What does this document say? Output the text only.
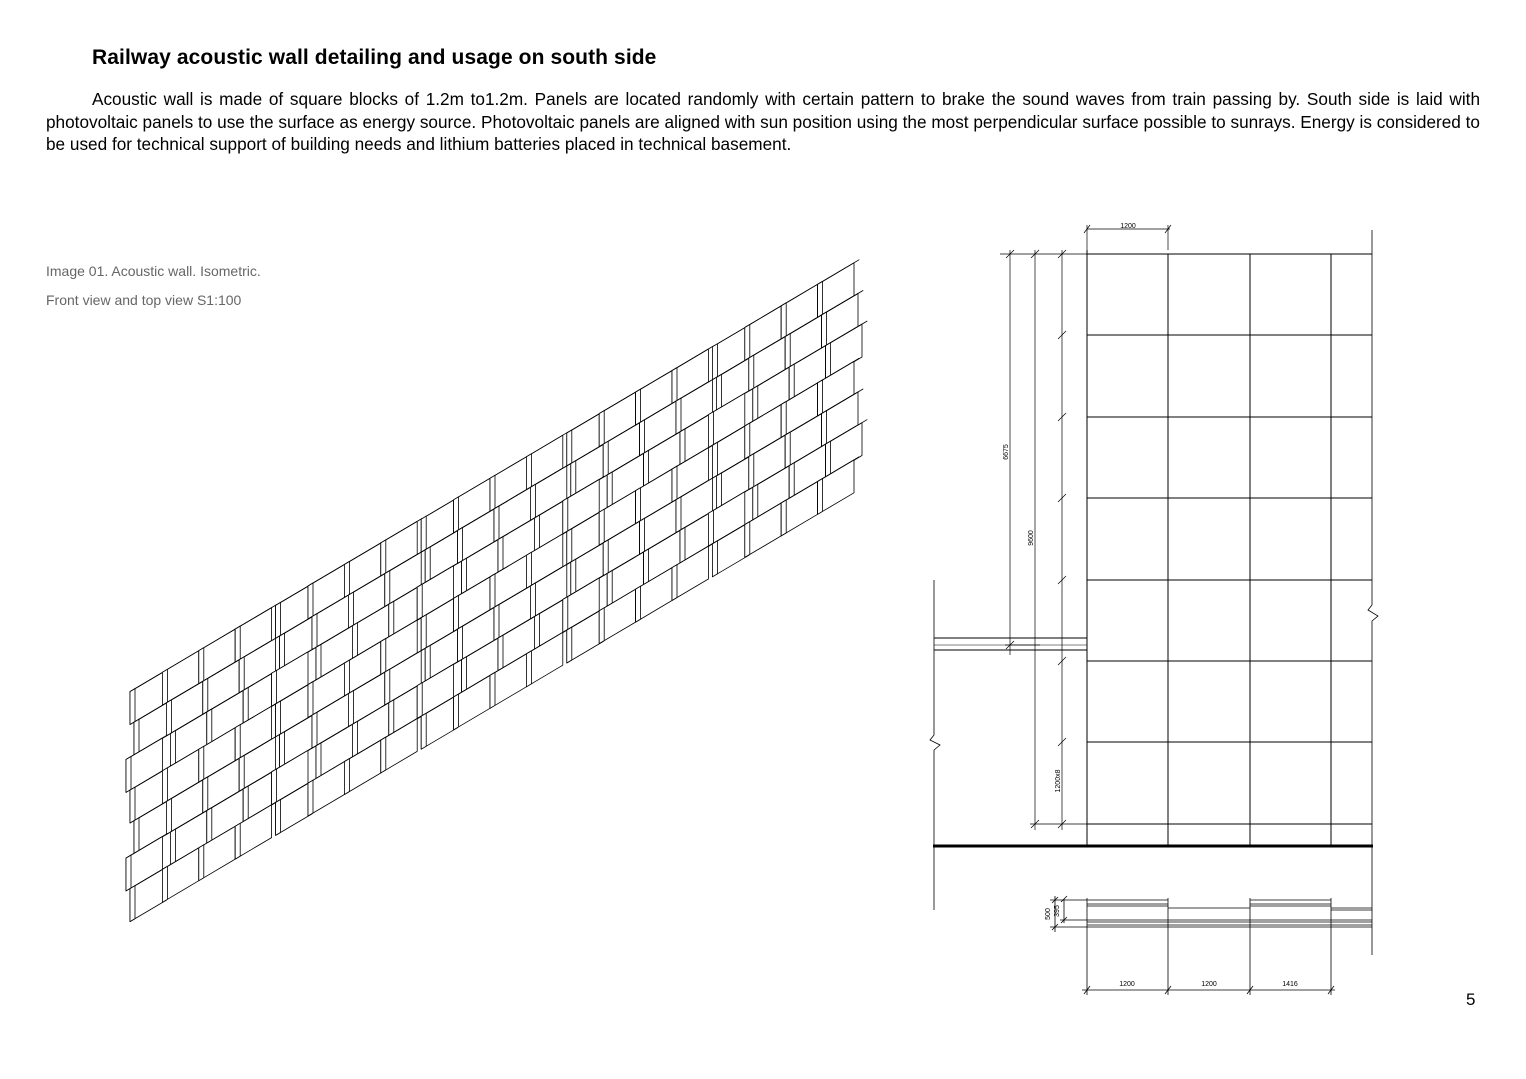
Railway acoustic wall detailing and usage on south side
Acoustic wall is made of square blocks of 1.2m to1.2m. Panels are located randomly with certain pattern to brake the sound waves from train passing by. South side is laid with photovoltaic panels to use the surface as energy source. Photovoltaic panels are aligned with sun position using the most perpendicular surface possible to sunrays. Energy is considered to be used for technical support of building needs and lithium batteries placed in technical basement.
Image 01. Acoustic wall. Isometric.
Front view and top view S1:100
5
1200
6675
9600
1200x8
500 395
1200	1200	1416
